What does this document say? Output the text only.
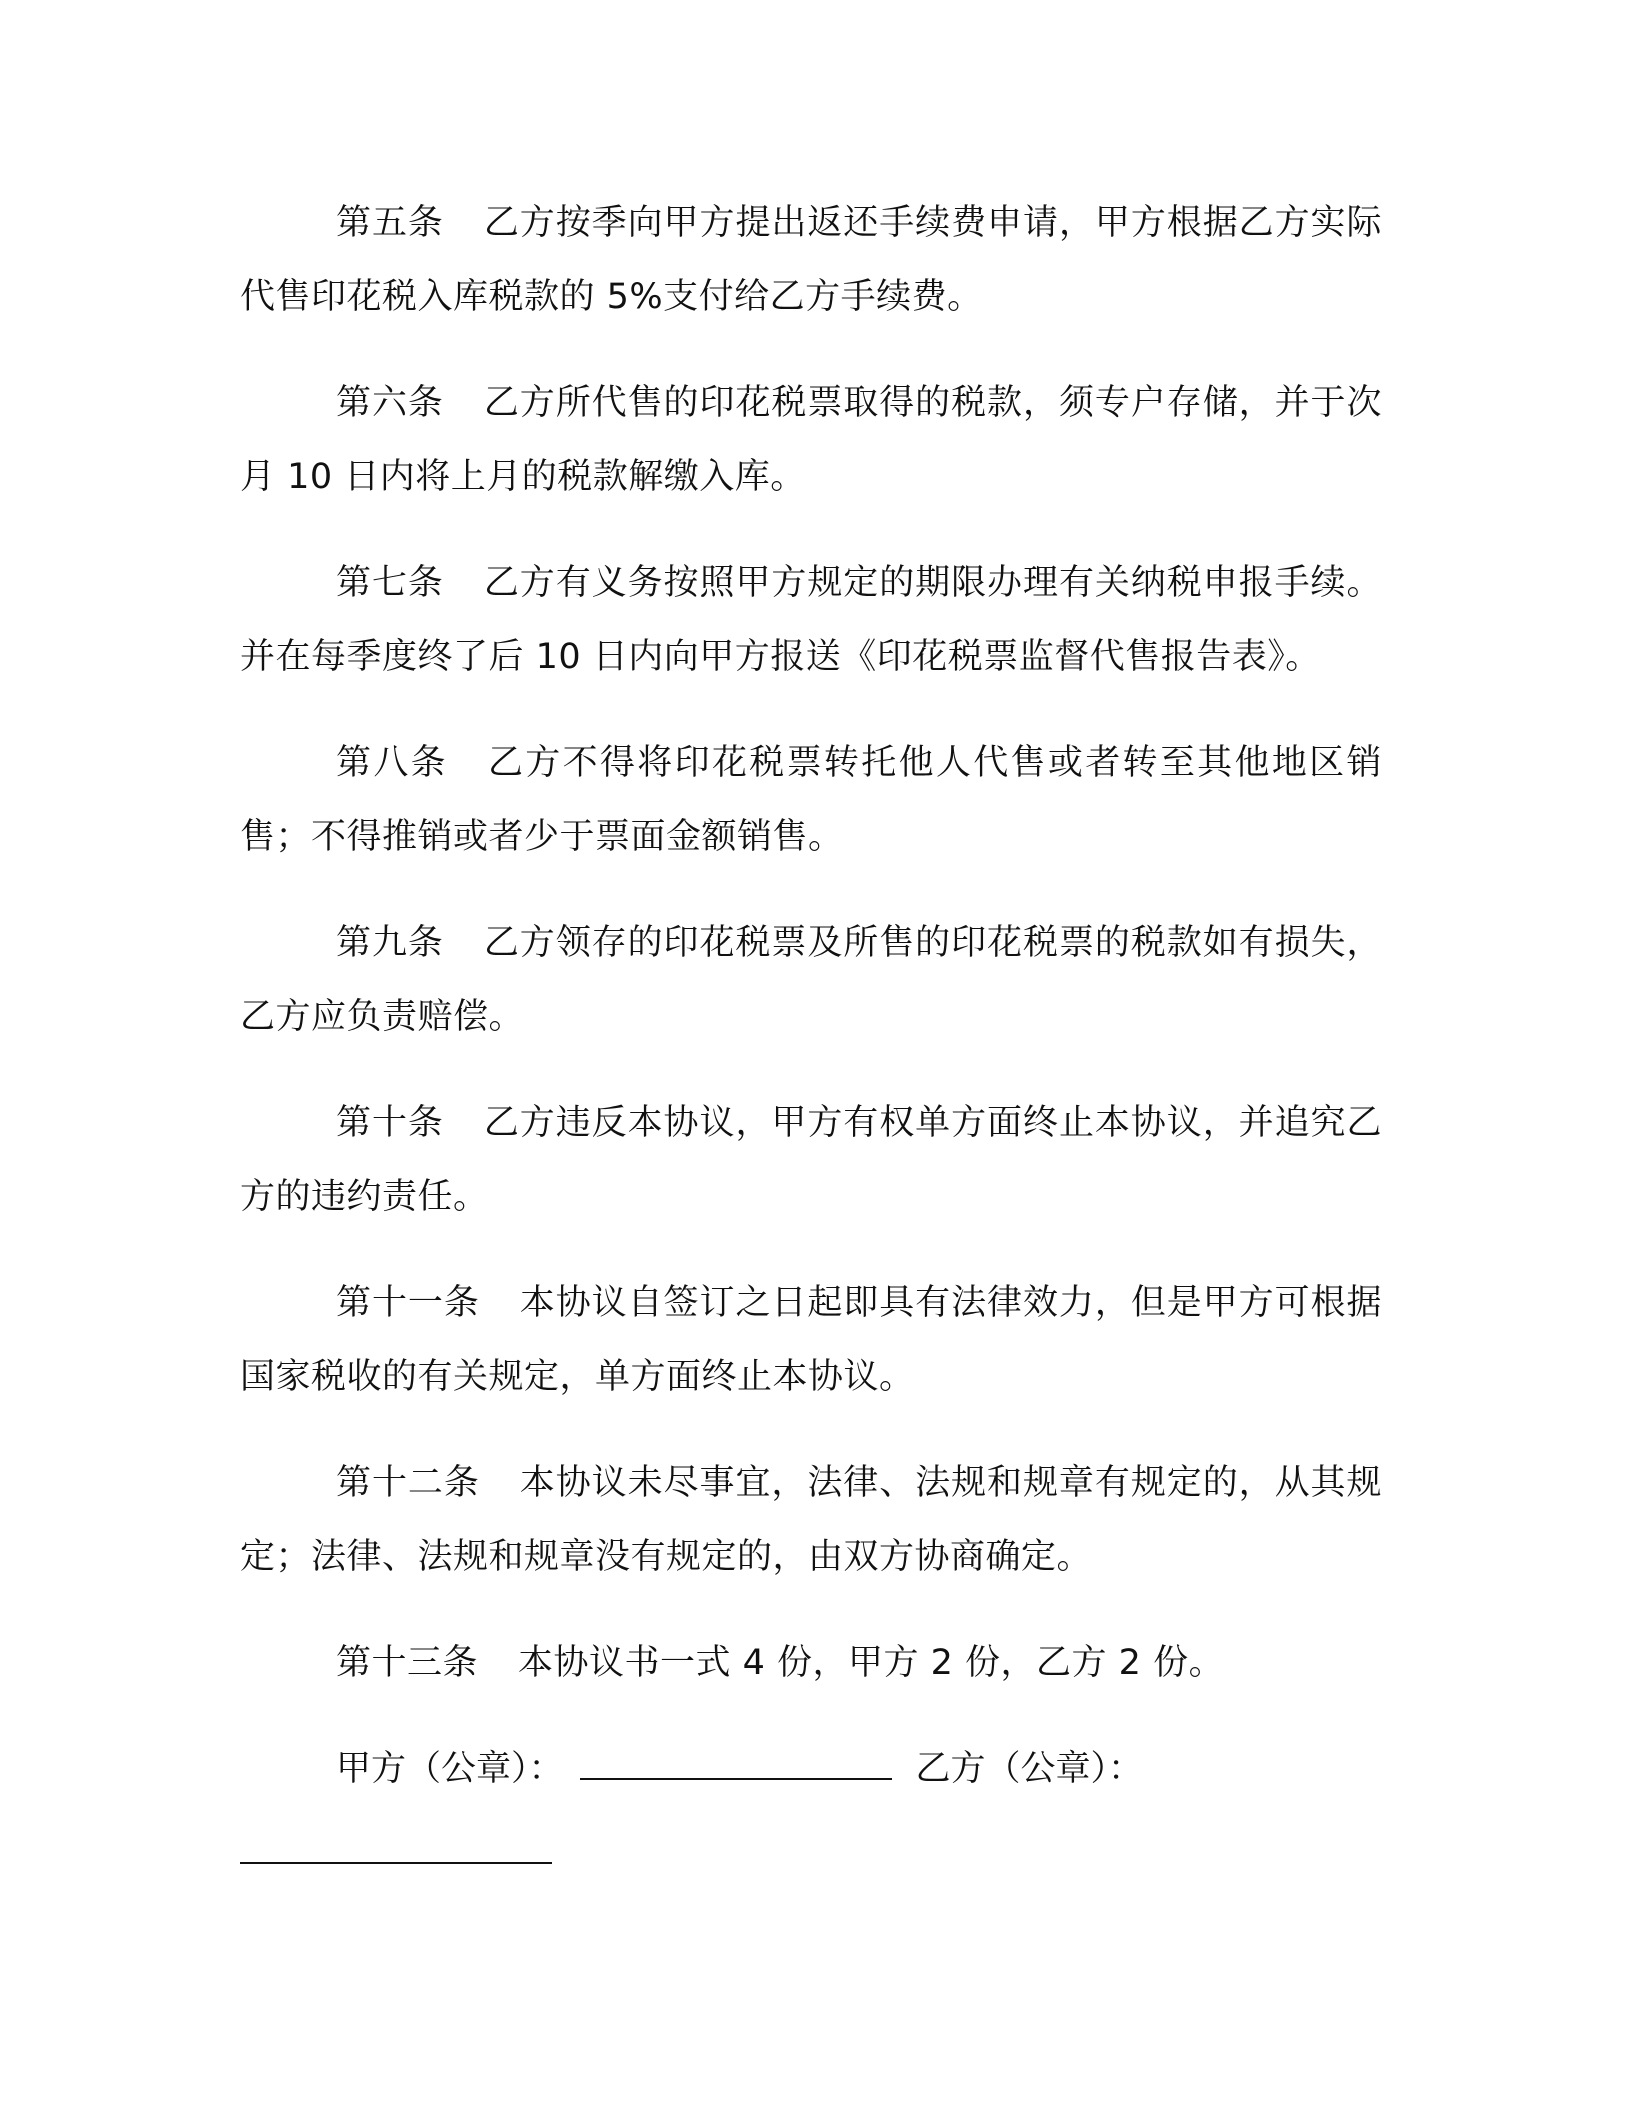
第五条 乙方按季向甲方提出返还手续费申请，甲方根据乙方实际代售印花税入库税款的 5%支付给乙方手续费。

第六条 乙方所代售的印花税票取得的税款，须专户存储，并于次月 10 日内将上月的税款解缴入库。

第七条 乙方有义务按照甲方规定的期限办理有关纳税申报手续。并在每季度终了后 10 日内向甲方报送《印花税票监督代售报告表》。

第八条 乙方不得将印花税票转托他人代售或者转至其他地区销售；不得推销或者少于票面金额销售。

第九条 乙方领存的印花税票及所售的印花税票的税款如有损失，乙方应负责赔偿。

第十条 乙方违反本协议，甲方有权单方面终止本协议，并追究乙方的违约责任。

第十一条 本协议自签订之日起即具有法律效力，但是甲方可根据国家税收的有关规定，单方面终止本协议。

第十二条 本协议未尽事宜，法律、法规和规章有规定的，从其规定；法律、法规和规章没有规定的，由双方协商确定。

第十三条 本协议书一式 4 份，甲方 2 份，乙方 2 份。

甲方（公章）：	乙方（公章）：
